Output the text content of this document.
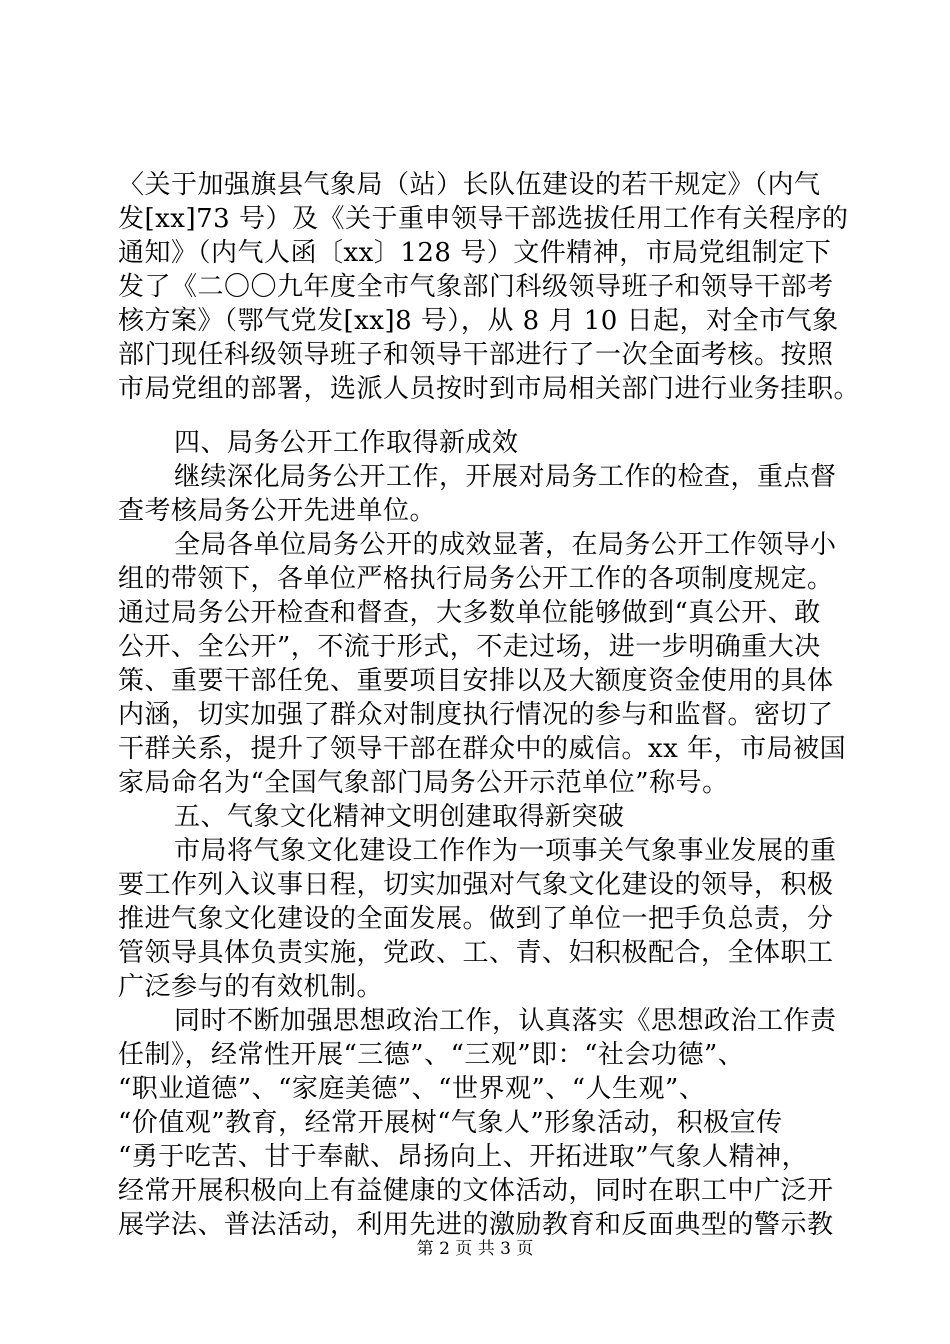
〈关于加强旗县气象局（站）长队伍建设的若干规定》（内气
发[xx]73 号）及《关于重申领导干部选拔任用工作有关程序的
通知》（内气人函〔xx〕128 号）文件精神，市局党组制定下
发了《二〇〇九年度全市气象部门科级领导班子和领导干部考
核方案》（鄂气党发[xx]8 号），从 8 月 10 日起，对全市气象
部门现任科级领导班子和领导干部进行了一次全面考核。按照
市局党组的部署，选派人员按时到市局相关部门进行业务挂职。
四、局务公开工作取得新成效
继续深化局务公开工作，开展对局务工作的检查，重点督
查考核局务公开先进单位。
全局各单位局务公开的成效显著，在局务公开工作领导小
组的带领下，各单位严格执行局务公开工作的各项制度规定。
通过局务公开检查和督查，大多数单位能够做到“真公开、敢
公开、全公开”，不流于形式，不走过场，进一步明确重大决
策、重要干部任免、重要项目安排以及大额度资金使用的具体
内涵，切实加强了群众对制度执行情况的参与和监督。密切了
干群关系，提升了领导干部在群众中的威信。xx 年，市局被国
家局命名为“全国气象部门局务公开示范单位”称号。
五、气象文化精神文明创建取得新突破
市局将气象文化建设工作作为一项事关气象事业发展的重
要工作列入议事日程，切实加强对气象文化建设的领导，积极
推进气象文化建设的全面发展。做到了单位一把手负总责，分
管领导具体负责实施，党政、工、青、妇积极配合，全体职工
广泛参与的有效机制。
同时不断加强思想政治工作，认真落实《思想政治工作责
任制》，经常性开展“三德”、“三观”即：“社会功德”、
“职业道德”、“家庭美德”、“世界观”、“人生观”、
“价值观”教育，经常开展树“气象人”形象活动，积极宣传
“勇于吃苦、甘于奉献、昂扬向上、开拓进取”气象人精神，
经常开展积极向上有益健康的文体活动，同时在职工中广泛开
展学法、普法活动，利用先进的激励教育和反面典型的警示教
第 2 页 共 3 页
